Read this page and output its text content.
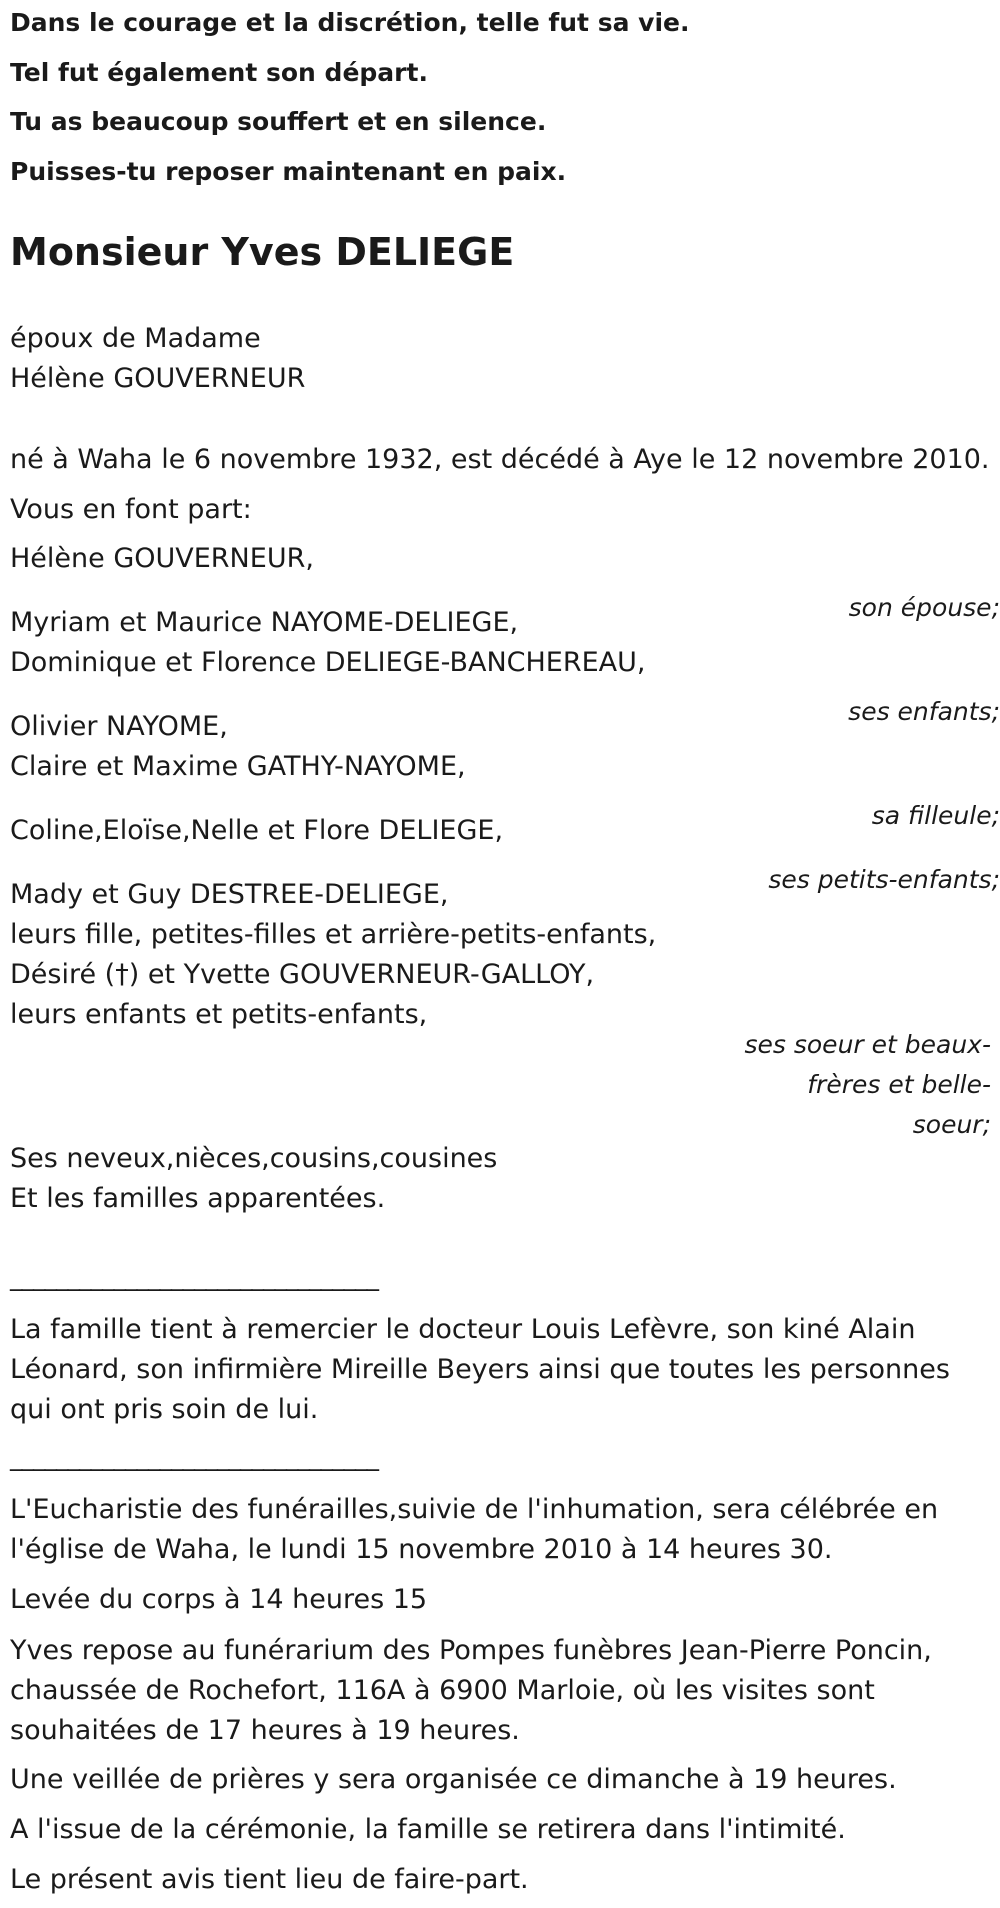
Dans le courage et la discrétion, telle fut sa vie.

Tel fut également son départ.

Tu as beaucoup souffert et en silence.

Puisses-tu reposer maintenant en paix.

Monsieur Yves DELIEGE

époux de Madame

Hélène GOUVERNEUR

né à Waha le 6 novembre 1932, est décédé à Aye le 12 novembre 2010.

Vous en font part:

Hélène GOUVERNEUR,

son épouse;

Myriam et Maurice NAYOME-DELIEGE,

Dominique et Florence DELIEGE-BANCHEREAU,

ses enfants;

Olivier NAYOME,

Claire et Maxime GATHY-NAYOME,

sa filleule;

Coline,Eloïse,Nelle et Flore DELIEGE,

ses petits-enfants;

Mady et Guy DESTREE-DELIEGE,

leurs fille, petites-filles et arrière-petits-enfants,

Désiré (†) et Yvette GOUVERNEUR-GALLOY,

leurs enfants et petits-enfants,

ses soeur et beaux-frères et belle-soeur;

Ses neveux,nièces,cousins,cousines

Et les familles apparentées.

________________________________

La famille tient à remercier le docteur Louis Lefèvre, son kiné Alain Léonard, son infirmière Mireille Beyers ainsi que toutes les personnes qui ont pris soin de lui.

________________________________

L'Eucharistie des funérailles,suivie de l'inhumation, sera célébrée en l'église de Waha, le lundi 15 novembre 2010 à 14 heures 30.

Levée du corps à 14 heures 15

Yves repose au funérarium des Pompes funèbres Jean-Pierre Poncin, chaussée de Rochefort, 116A à 6900 Marloie, où les visites sont souhaitées de 17 heures à 19 heures.

Une veillée de prières y sera organisée ce dimanche à 19 heures.

A l'issue de la cérémonie, la famille se retirera dans l'intimité.

Le présent avis tient lieu de faire-part.
